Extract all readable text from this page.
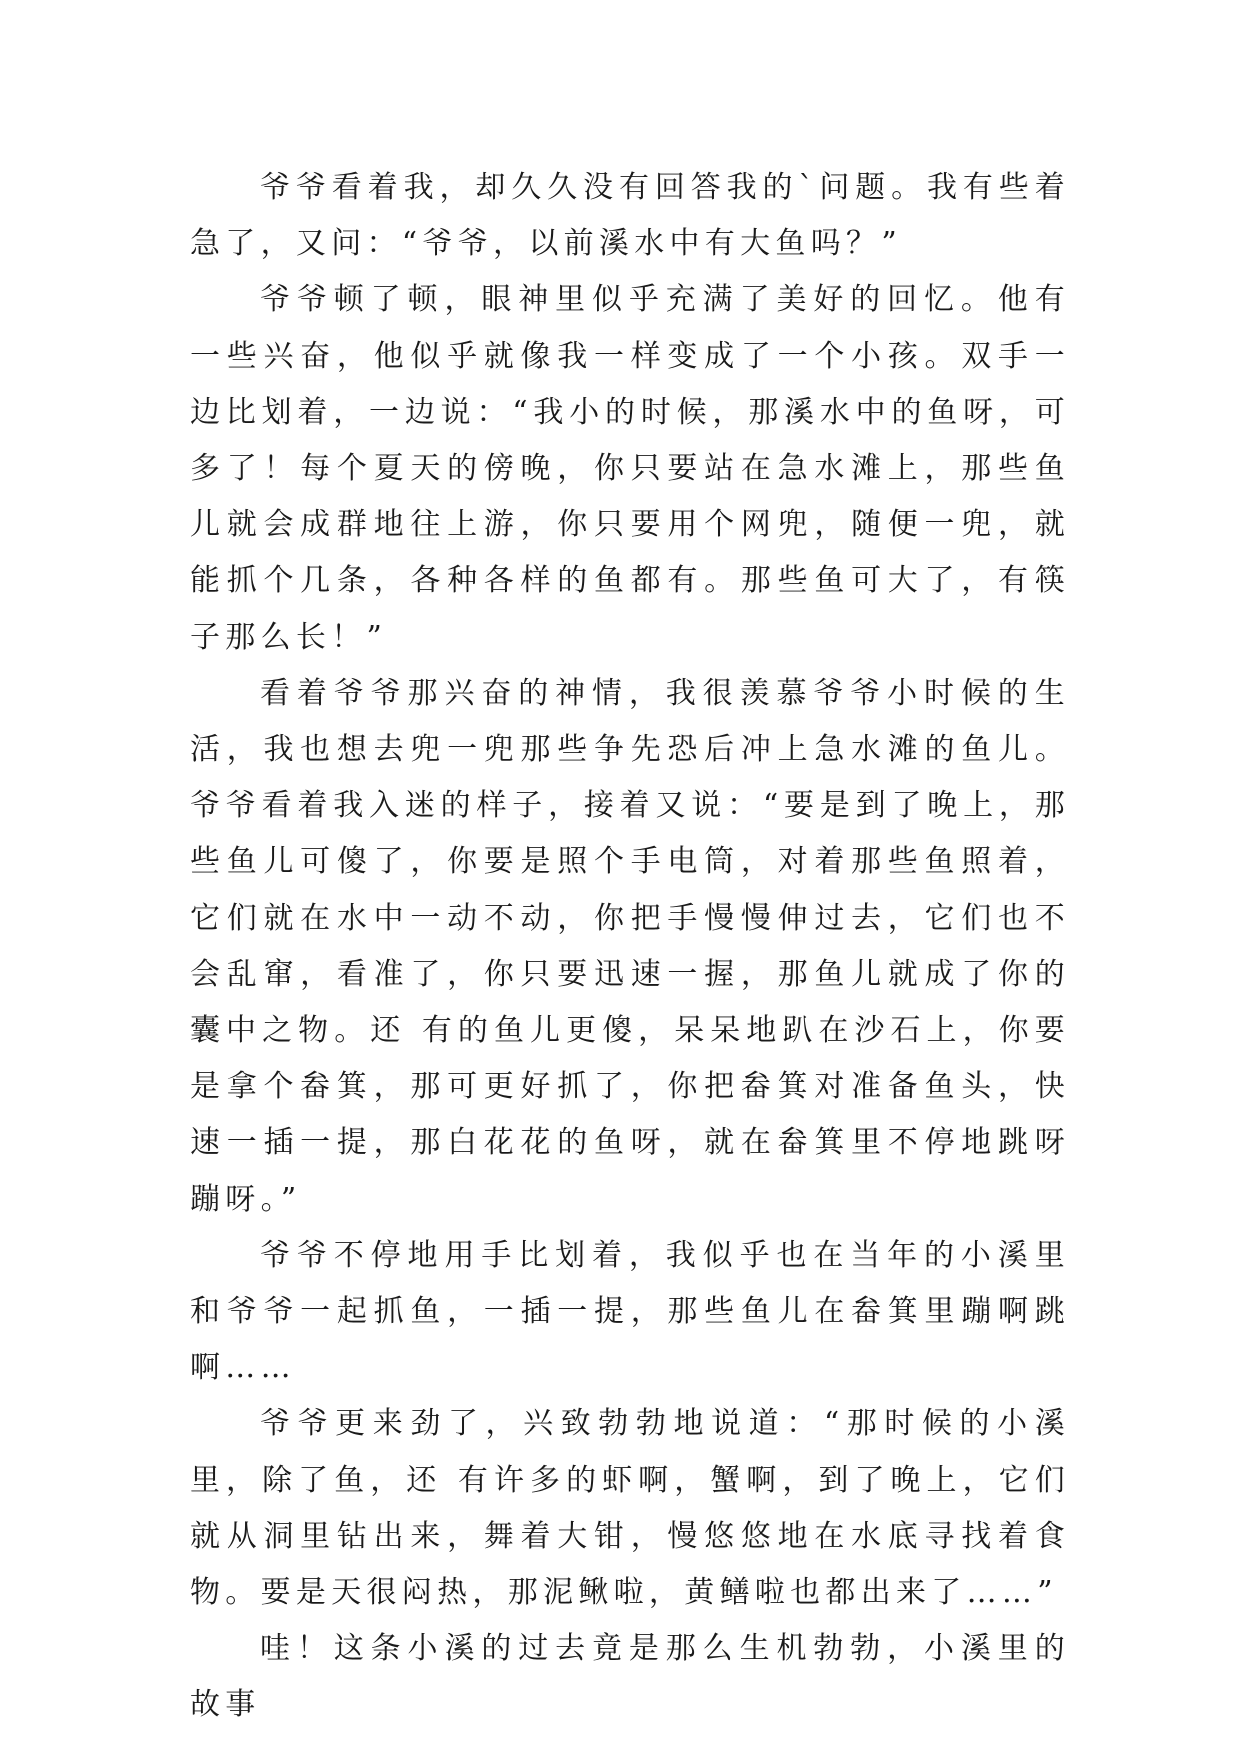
爷爷看着我，却久久没有回答我的`问题。我有些着急了，又问：“爷爷，以前溪水中有大鱼吗？”

爷爷顿了顿，眼神里似乎充满了美好的回忆。他有一些兴奋，他似乎就像我一样变成了一个小孩。双手一边比划着，一边说：“我小的时候，那溪水中的鱼呀，可多了！每个夏天的傍晚，你只要站在急水滩上，那些鱼儿就会成群地往上游，你只要用个网兜，随便一兜，就能抓个几条，各种各样的鱼都有。那些鱼可大了，有筷子那么长！”

看着爷爷那兴奋的神情，我很羡慕爷爷小时候的生活，我也想去兜一兜那些争先恐后冲上急水滩的鱼儿。爷爷看着我入迷的样子，接着又说：“要是到了晚上，那些鱼儿可傻了，你要是照个手电筒，对着那些鱼照着，它们就在水中一动不动，你把手慢慢伸过去，它们也不会乱窜，看准了，你只要迅速一握，那鱼儿就成了你的囊中之物。还 有的鱼儿更傻，呆呆地趴在沙石上，你要是拿个畚箕，那可更好抓了，你把畚箕对准备鱼头，快速一插一提，那白花花的鱼呀，就在畚箕里不停地跳呀蹦呀。”

爷爷不停地用手比划着，我似乎也在当年的小溪里和爷爷一起抓鱼，一插一提，那些鱼儿在畚箕里蹦啊跳啊……

爷爷更来劲了，兴致勃勃地说道：“那时候的小溪里，除了鱼，还 有许多的虾啊，蟹啊，到了晚上，它们就从洞里钻出来，舞着大钳，慢悠悠地在水底寻找着食物。要是天很闷热，那泥鳅啦，黄鳝啦也都出来了……”

哇！这条小溪的过去竟是那么生机勃勃，小溪里的故事
